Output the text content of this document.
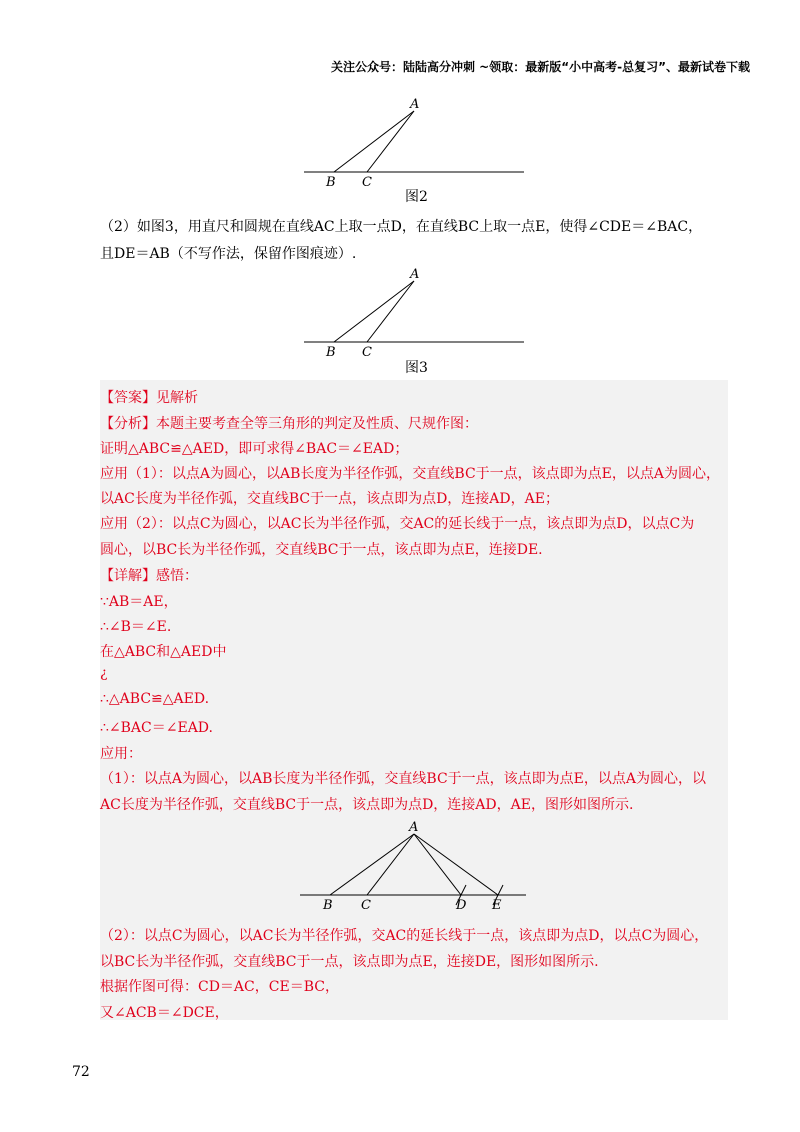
关注公众号：陆陆高分冲刺 ~领取：最新版“小中高考-总复习”、最新试卷下载
A
B C
图2
（2）如图3，用直尺和圆规在直线AC上取一点D，在直线BC上取一点E，使得∠CDE＝∠BAC，
且DE＝AB（不写作法，保留作图痕迹）.
A
B C
图3
【答案】见解析
【分析】本题主要考查全等三角形的判定及性质、尺规作图：
证明△ABC≌△AED，即可求得∠BAC＝∠EAD；
应用（1）：以点A为圆心，以AB长度为半径作弧，交直线BC于一点，该点即为点E，以点A为圆心，
以AC长度为半径作弧，交直线BC于一点，该点即为点D，连接AD，AE；
应用（2）：以点C为圆心，以AC长为半径作弧，交AC的延长线于一点，该点即为点D，以点C为
圆心，以BC长为半径作弧，交直线BC于一点，该点即为点E，连接DE.
【详解】感悟：
∵AB＝AE，
∴∠B＝∠E.
在△ABC和△AED中
¿
∴△ABC≌△AED.
∴∠BAC＝∠EAD.
应用：
（1）：以点A为圆心，以AB长度为半径作弧，交直线BC于一点，该点即为点E，以点A为圆心，以
AC长度为半径作弧，交直线BC于一点，该点即为点D，连接AD，AE，图形如图所示.
A
B C	D E
（2）：以点C为圆心，以AC长为半径作弧，交AC的延长线于一点，该点即为点D，以点C为圆心，
以BC长为半径作弧，交直线BC于一点，该点即为点E，连接DE，图形如图所示.
根据作图可得：CD＝AC，CE＝BC，
又∠ACB＝∠DCE，
72
